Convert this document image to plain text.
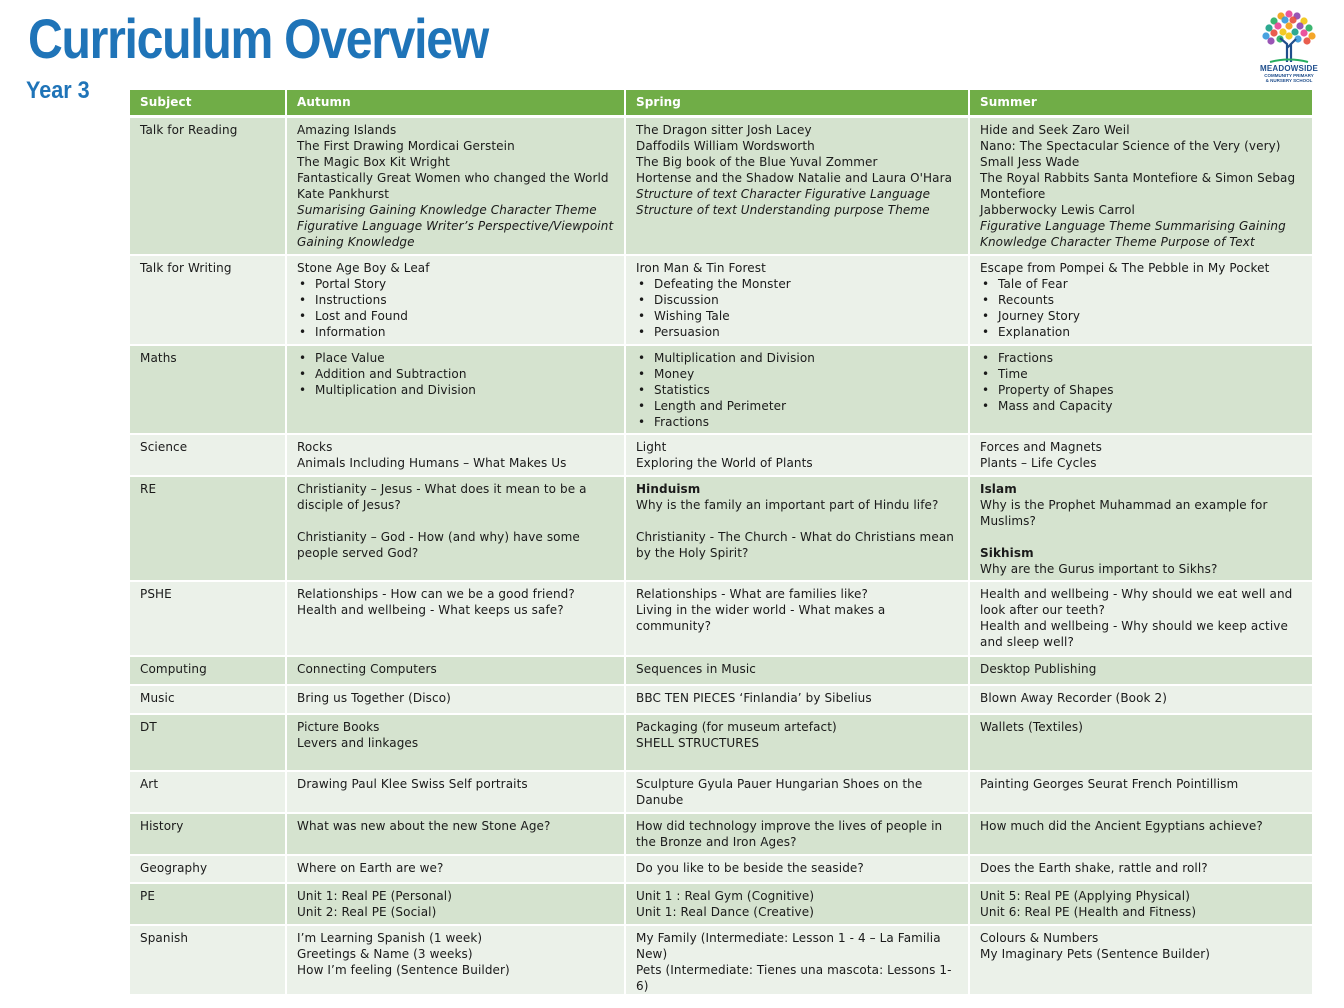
Curriculum Overview
Year 3
MEADOWSIDE
COMMUNITY PRIMARY
& NURSERY SCHOOL
Subject	Autumn	Spring	Summer
Talk for Reading	Amazing Islands
The First Drawing Mordicai Gerstein
The Magic Box Kit Wright
Fantastically Great Women who changed the World Kate Pankhurst
Sumarising Gaining Knowledge Character Theme Figurative Language Writer’s Perspective/Viewpoint Gaining Knowledge
The Dragon sitter Josh Lacey
Daffodils William Wordsworth
The Big book of the Blue Yuval Zommer
Hortense and the Shadow Natalie and Laura O'Hara
Structure of text Character Figurative Language
Structure of text Understanding purpose Theme
Hide and Seek Zaro Weil
Nano: The Spectacular Science of the Very (very) Small Jess Wade
The Royal Rabbits Santa Montefiore & Simon Sebag Montefiore
Jabberwocky Lewis Carrol
Figurative Language Theme Summarising Gaining Knowledge Character Theme Purpose of Text
Talk for Writing	Stone Age Boy & Leaf
• Portal Story
• Instructions
• Lost and Found
• Information
Iron Man & Tin Forest
• Defeating the Monster
• Discussion
• Wishing Tale
• Persuasion
Escape from Pompei & The Pebble in My Pocket
• Tale of Fear
• Recounts
• Journey Story
• Explanation
Maths
•	Place Value
• Addition and Subtraction
• Multiplication and Division
• Multiplication and Division
• Money
• Statistics
• Length and Perimeter
• Fractions
• Fractions
• Time
• Property of Shapes
• Mass and Capacity
Science	Rocks
Animals Including Humans – What Makes Us
Light
Exploring the World of Plants
Forces and Magnets
Plants – Life Cycles
RE	Christianity – Jesus - What does it mean to be a disciple of Jesus?
Christianity – God - How (and why) have some people served God?
Hinduism
Why is the family an important part of Hindu life?
Christianity - The Church - What do Christians mean by the Holy Spirit?
Islam
Why is the Prophet Muhammad an example for Muslims?
Sikhism
Why are the Gurus important to Sikhs?
PSHE	Relationships - How can we be a good friend?
Health and wellbeing - What keeps us safe?
Relationships - What are families like?
Living in the wider world - What makes a community?
Health and wellbeing - Why should we eat well and look after our teeth?
Health and wellbeing - Why should we keep active and sleep well?
Computing	Connecting Computers	Sequences in Music	Desktop Publishing
Music	Bring us Together (Disco)	BBC TEN PIECES ‘Finlandia’ by Sibelius	Blown Away Recorder (Book 2)
DT	Picture Books
Levers and linkages
Packaging (for museum artefact)
SHELL STRUCTURES
Wallets (Textiles)
Art	Drawing Paul Klee Swiss Self portraits	Sculpture Gyula Pauer Hungarian Shoes on the Danube
Painting Georges Seurat French Pointillism
History	What was new about the new Stone Age?	How did technology improve the lives of people in the Bronze and Iron Ages?
How much did the Ancient Egyptians achieve?
Geography	Where on Earth are we?	Do you like to be beside the seaside?	Does the Earth shake, rattle and roll?
PE	Unit 1: Real PE (Personal)
Unit 2: Real PE (Social)
Unit 1 : Real Gym (Cognitive)
Unit 1: Real Dance (Creative)
Unit 5: Real PE (Applying Physical)
Unit 6: Real PE (Health and Fitness)
Spanish	I’m Learning Spanish (1 week)
Greetings & Name (3 weeks)
How I’m feeling (Sentence Builder)
My Family (Intermediate: Lesson 1 - 4 – La Familia New)
Pets (Intermediate: Tienes una mascota: Lessons 1-6)
Colours & Numbers
My Imaginary Pets (Sentence Builder)
